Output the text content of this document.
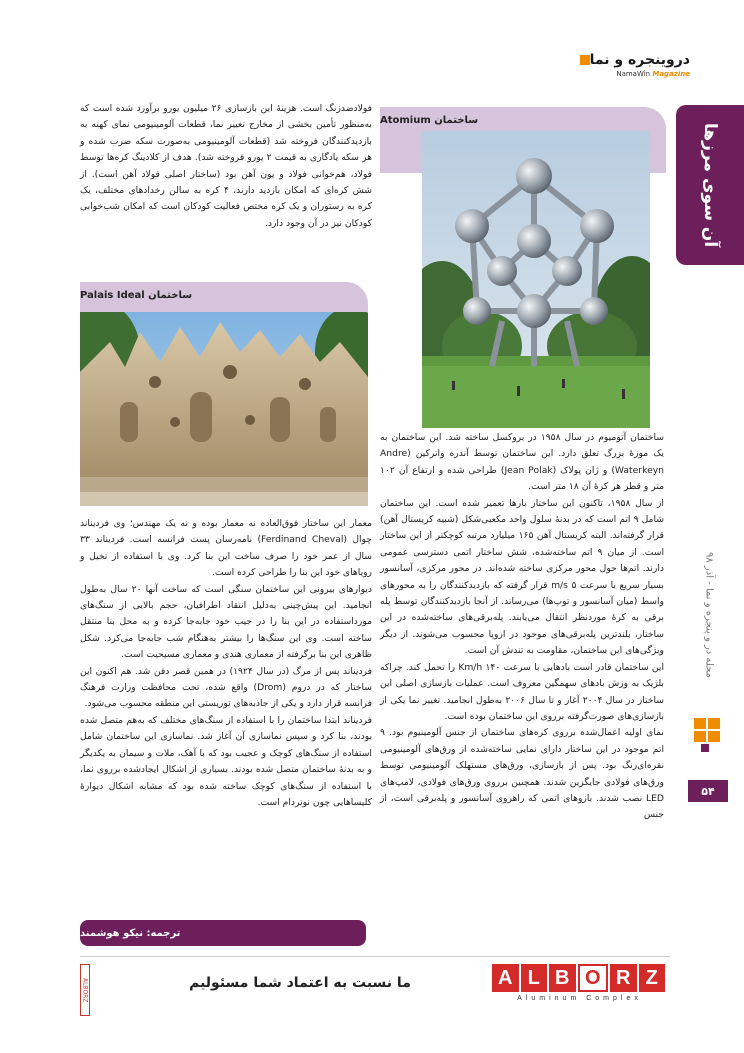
دروینجره و نما
NamaWin Magazine
آن سوی مرزها
مجله در و پنجره و نما - آذر ۹۸
۵۴
ساختمان Atomium

فولادضدزنگ است. هزینۀ این بازسازی ۲۶ میلیون یورو برآورد شده است که به‌منظور تأمین بخشی از مخارج تغییر نما، قطعات آلومینیومی نمای کهنه به بازدیدکنندگان فروخته شد (قطعات آلومینیومی به‌صورت سکه ضرب شده و هر سکه یادگاری به قیمت ۲ یورو فروخته شد). هدف از کلادینگ کره‌ها توسط فولاد، هم‌خوانی فولاد و یون آهن بود (ساختار اصلی فولاد آهن است). از شش کره‌ای که امکان بازدید دارند، ۴ کره به سالن رخدادهای مختلف، یک کره به رستوران و یک کره مختص فعالیت کودکان است که امکان شب‌خوابی کودکان نیز در آن وجود دارد.

ساختمان Palais Ideal

معمار این ساختار فوق‌العاده نه معمار بوده و نه یک مهندس؛ وی فردیناند چوال (Ferdinand Cheval) نامه‌رسان پست فرانسه است. فردیناند ۳۳ سال از عمر خود را صرف ساخت این بنا کرد. وی با استفاده از تخیل و رویاهای خود این بنا را طراحی کرده است.

دیوارهای بیرونی این ساختمان سنگی است که ساخت آنها ۲۰ سال به‌طول انجامید. این پیش‌چینی به‌دلیل انتقاد اطرافیان، حجم بالایی از سنگ‌های مورداستفاده در این بنا را در جیب خود جابه‌جا کرده و به محل بنا منتقل ساخته است. وی این سنگ‌ها را بیشتر به‌هنگام شب جابه‌جا می‌کرد. شکل ظاهری این بنا برگرفته از معماری هندی و معماری مسیحیت است.

فردیناند پس از مرگ (در سال ۱۹۲۴) در همین قصر دفن شد. هم اکنون این ساختار که در دروم (Drom) واقع شده، تحت محافظت وزارت فرهنگ فرانسه قرار دارد و یکی از جاذبه‌های توریستی این منطقه محسوب می‌شود.

فردیناند ابتدا ساختمان را با استفاده از سنگ‌های مختلف که به‌هم متصل شده بودند، بنا کرد و سپس نماسازی آن آغاز شد. نماسازی این ساختمان شامل استفاده از سنگ‌های کوچک و عجیب بود که با آهک، ملات و سیمان به یکدیگر و به بدنۀ ساختمان متصل شده بودند. بسیاری از اشکال ایجادشده برروی نما، با استفاده از سنگ‌های کوچک ساخته شده بود که مشابه اشکال دیوارۀ کلیساهایی چون نوتردام است.

ساختمان آتومیوم در سال ۱۹۵۸ در بروکسل ساخته شد. این ساختمان به یک موزۀ بزرگ تعلق دارد. این ساختمان توسط آندره واترکین (Andre Waterkeyn) و ژان پولاک (Jean Polak) طراحی شده و ارتفاع آن ۱۰۲ متر و قطر هر کرۀ آن ۱۸ متر است.

از سال ۱۹۵۸، تاکنون این ساختار بارها تعمیر شده است. این ساختمان شامل ۹ اتم است که در بدنۀ سلول واحد مکعبی‌شکل (شبیه کریستال آهن) قرار گرفته‌اند. البته کریستال آهن ۱۶۵ میلیارد مرتبه کوچکتر از این ساختار است. از میان ۹ اتم ساخته‌شده، شش ساختار اتمی دسترسی عمومی دارند. اتم‌ها حول محور مرکزی ساخته شده‌اند. در محور مرکزی، آسانسور بسیار سریع با سرعت ۵ m/s قرار گرفته که بازدیدکنندگان را به محورهای واسط (میان آسانسور و توپ‌ها) می‌رساند. از آنجا بازدیدکنندگان توسط پله برقی به کرۀ موردنظر انتقال می‌یابند. پله‌برقی‌های ساخته‌شده در این ساختار، بلندترین پله‌برقی‌های موجود در اروپا محسوب می‌شوند. از دیگر ویژگی‌های این ساختمان، مقاومت به تندش آن است.

این ساختمان قادر است بادهایی با سرعت ۱۴۰ Km/h را تحمل کند. چراکه بلژیک به وزش بادهای سهمگین معروف است. عملیات بازسازی اصلی این ساختار در سال ۲۰۰۴ آغاز و تا سال ۲۰۰۶ به‌طول انجامید. تغییر نما یکی از بازسازی‌های صورت‌گرفته برروی این ساختمان بوده است.

نمای اولیه اعمال‌شده برروی کره‌های ساختمان از جنس آلومینیوم بود. ۹ اتم موجود در این ساختار دارای نمایی ساخته‌شده از ورق‌های آلومینیومی نقره‌ای‌رنگ بود. پس از بازسازی، ورق‌های مستهلک آلومینیومی توسط ورق‌های فولادی جایگزین شدند. همچنین برروی ورق‌های فولادی، لامپ‌های LED نصب شدند. بازوهای اتمی که راهروی آسانسور و پله‌برقی است، از جنس

ترجمه: نیکو هوشمند
ALBORZ	ما نسبت به اعتماد شما مسئولیم	A L B O R Z
Aluminum Complex
